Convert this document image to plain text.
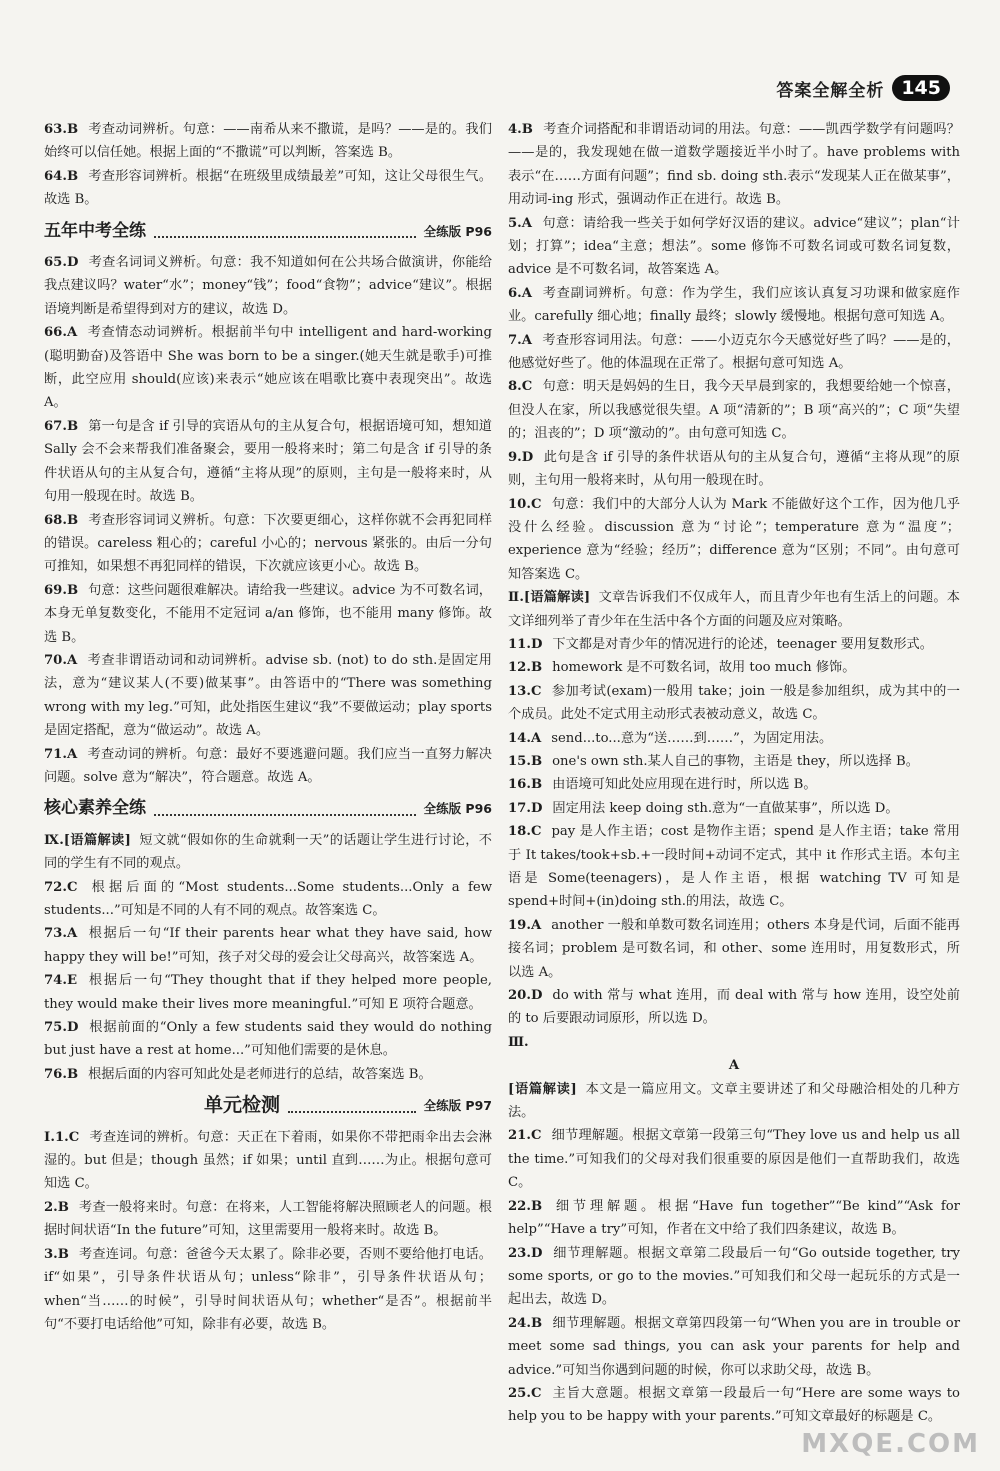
答案全解全析 145
63.B 考查动词辨析。句意：——南希从来不撒谎，是吗？——是的。我们始终可以信任她。根据上面的“不撒谎”可以判断，答案选 B。
64.B 考查形容词辨析。根据“在班级里成绩最差”可知，这让父母很生气。故选 B。
五年中考全练	全练版 P96
65.D 考查名词词义辨析。句意：我不知道如何在公共场合做演讲，你能给我点建议吗？water“水”；money“钱”；food“食物”；advice“建议”。根据语境判断是希望得到对方的建议，故选 D。
66.A 考查情态动词辨析。根据前半句中 intelligent and hard-working (聪明勤奋)及答语中 She was born to be a singer.(她天生就是歌手)可推断，此空应用 should(应该)来表示“她应该在唱歌比赛中表现突出”。故选 A。
67.B 第一句是含 if 引导的宾语从句的主从复合句，根据语境可知，想知道 Sally 会不会来帮我们准备聚会，要用一般将来时；第二句是含 if 引导的条件状语从句的主从复合句，遵循“主将从现”的原则，主句是一般将来时，从句用一般现在时。故选 B。
68.B 考查形容词词义辨析。句意：下次要更细心，这样你就不会再犯同样的错误。careless 粗心的；careful 小心的；nervous 紧张的。由后一分句可推知，如果想不再犯同样的错误，下次就应该更小心。故选 B。
69.B 句意：这些问题很难解决。请给我一些建议。advice 为不可数名词，本身无单复数变化，不能用不定冠词 a/an 修饰，也不能用 many 修饰。故选 B。
70.A 考查非谓语动词和动词辨析。advise sb. (not) to do sth.是固定用法，意为“建议某人(不要)做某事”。由答语中的“There was something wrong with my leg.”可知，此处指医生建议“我”不要做运动；play sports 是固定搭配，意为“做运动”。故选 A。
71.A 考查动词的辨析。句意：最好不要逃避问题。我们应当一直努力解决问题。solve 意为“解决”，符合题意。故选 A。
核心素养全练	全练版 P96
Ⅸ.[语篇解读] 短文就“假如你的生命就剩一天”的话题让学生进行讨论，不同的学生有不同的观点。
72.C 根据后面的“Most students...Some students...Only a few students...”可知是不同的人有不同的观点。故答案选 C。
73.A 根据后一句“If their parents hear what they have said, how happy they will be!”可知，孩子对父母的爱会让父母高兴，故答案选 A。
74.E 根据后一句“They thought that if they helped more people, they would make their lives more meaningful.”可知 E 项符合题意。
75.D 根据前面的“Only a few students said they would do nothing but just have a rest at home...”可知他们需要的是休息。
76.B 根据后面的内容可知此处是老师进行的总结，故答案选 B。
单元检测	全练版 P97
Ⅰ.1.C 考查连词的辨析。句意：天正在下着雨，如果你不带把雨伞出去会淋湿的。but 但是；though 虽然；if 如果；until 直到……为止。根据句意可知选 C。
2.B 考查一般将来时。句意：在将来，人工智能将解决照顾老人的问题。根据时间状语“In the future”可知，这里需要用一般将来时。故选 B。
3.B 考查连词。句意：爸爸今天太累了。除非必要，否则不要给他打电话。if“如果”，引导条件状语从句；unless“除非”，引导条件状语从句；when“当……的时候”，引导时间状语从句；whether“是否”。根据前半句“不要打电话给他”可知，除非有必要，故选 B。
4.B 考查介词搭配和非谓语动词的用法。句意：——凯西学数学有问题吗？——是的，我发现她在做一道数学题接近半小时了。have problems with 表示“在……方面有问题”；find sb. doing sth.表示“发现某人正在做某事”，用动词-ing 形式，强调动作正在进行。故选 B。
5.A 句意：请给我一些关于如何学好汉语的建议。advice“建议”；plan“计划；打算”；idea“主意；想法”。some 修饰不可数名词或可数名词复数，advice 是不可数名词，故答案选 A。
6.A 考查副词辨析。句意：作为学生，我们应该认真复习功课和做家庭作业。carefully 细心地；finally 最终；slowly 缓慢地。根据句意可知选 A。
7.A 考查形容词用法。句意：——小迈克尔今天感觉好些了吗？——是的，他感觉好些了。他的体温现在正常了。根据句意可知选 A。
8.C 句意：明天是妈妈的生日，我今天早晨到家的，我想要给她一个惊喜，但没人在家，所以我感觉很失望。A 项“清新的”；B 项“高兴的”；C 项“失望的；沮丧的”；D 项“激动的”。由句意可知选 C。
9.D 此句是含 if 引导的条件状语从句的主从复合句，遵循“主将从现”的原则，主句用一般将来时，从句用一般现在时。
10.C 句意：我们中的大部分人认为 Mark 不能做好这个工作，因为他几乎没什么经验。discussion 意为“讨论”；temperature 意为“温度”；experience 意为“经验；经历”；difference 意为“区别；不同”。由句意可知答案选 C。
Ⅱ.[语篇解读] 文章告诉我们不仅成年人，而且青少年也有生活上的问题。本文详细列举了青少年在生活中各个方面的问题及应对策略。
11.D 下文都是对青少年的情况进行的论述，teenager 要用复数形式。
12.B homework 是不可数名词，故用 too much 修饰。
13.C 参加考试(exam)一般用 take；join 一般是参加组织，成为其中的一个成员。此处不定式用主动形式表被动意义，故选 C。
14.A send...to...意为“送……到……”，为固定用法。
15.B one's own sth.某人自己的事物，主语是 they，所以选择 B。
16.B 由语境可知此处应用现在进行时，所以选 B。
17.D 固定用法 keep doing sth.意为“一直做某事”，所以选 D。
18.C pay 是人作主语；cost 是物作主语；spend 是人作主语；take 常用于 It takes/took+sb.+一段时间+动词不定式，其中 it 作形式主语。本句主语是 Some(teenagers)，是人作主语，根据 watching TV 可知是 spend+时间+(in)doing sth.的用法，故选 C。
19.A another 一般和单数可数名词连用；others 本身是代词，后面不能再接名词；problem 是可数名词，和 other、some 连用时，用复数形式，所以选 A。
20.D do with 常与 what 连用，而 deal with 常与 how 连用，设空处前的 to 后要跟动词原形，所以选 D。
Ⅲ.
A
[语篇解读] 本文是一篇应用文。文章主要讲述了和父母融洽相处的几种方法。
21.C 细节理解题。根据文章第一段第三句“They love us and help us all the time.”可知我们的父母对我们很重要的原因是他们一直帮助我们，故选 C。
22.B 细节理解题。根据“Have fun together”“Be kind”“Ask for help”“Have a try”可知，作者在文中给了我们四条建议，故选 B。
23.D 细节理解题。根据文章第二段最后一句“Go outside together, try some sports, or go to the movies.”可知我们和父母一起玩乐的方式是一起出去，故选 D。
24.B 细节理解题。根据文章第四段第一句“When you are in trouble or meet some sad things, you can ask your parents for help and advice.”可知当你遇到问题的时候，你可以求助父母，故选 B。
25.C 主旨大意题。根据文章第一段最后一句“Here are some ways to help you to be happy with your parents.”可知文章最好的标题是 C。
MXQE.COM
